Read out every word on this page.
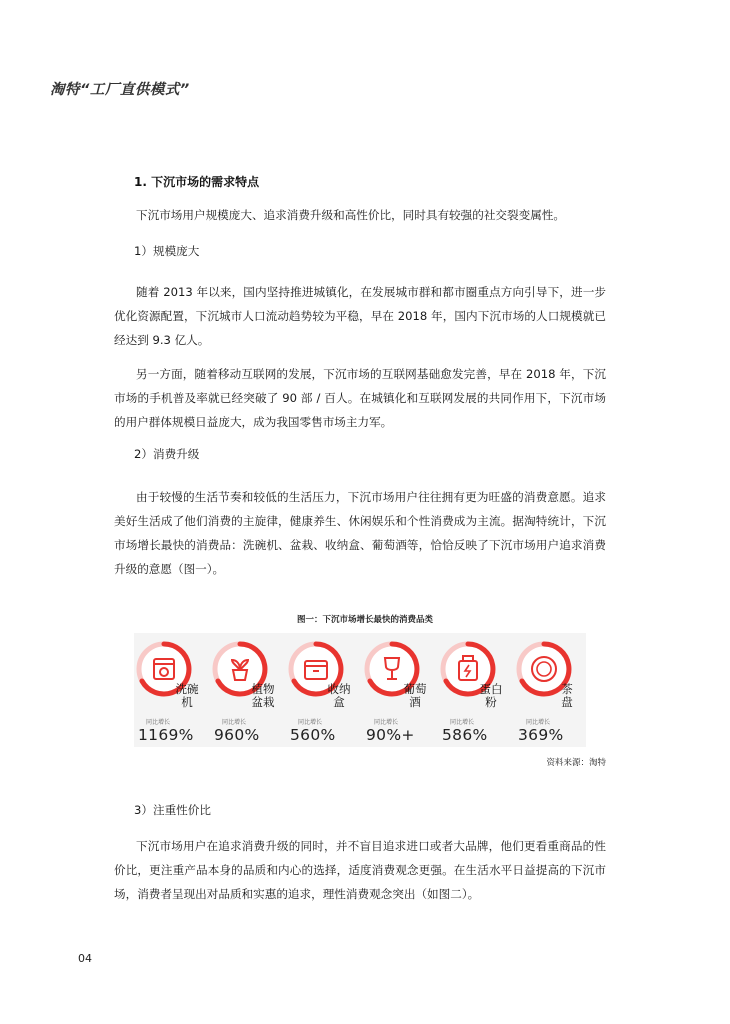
淘特“工厂直供模式”
1. 下沉市场的需求特点

下沉市场用户规模庞大、追求消费升级和高性价比，同时具有较强的社交裂变属性。

1）规模庞大

随着 2013 年以来，国内坚持推进城镇化，在发展城市群和都市圈重点方向引导下，进一步优化资源配置，下沉城市人口流动趋势较为平稳，早在 2018 年，国内下沉市场的人口规模就已经达到 9.3 亿人。

另一方面，随着移动互联网的发展，下沉市场的互联网基础愈发完善，早在 2018 年，下沉市场的手机普及率就已经突破了 90 部 / 百人。在城镇化和互联网发展的共同作用下，下沉市场的用户群体规模日益庞大，成为我国零售市场主力军。

2）消费升级

由于较慢的生活节奏和较低的生活压力，下沉市场用户往往拥有更为旺盛的消费意愿。追求美好生活成了他们消费的主旋律，健康养生、休闲娱乐和个性消费成为主流。据淘特统计，下沉市场增长最快的消费品：洗碗机、盆栽、收纳盒、葡萄酒等，恰恰反映了下沉市场用户追求消费升级的意愿（图一）。

图一：下沉市场增长最快的消费品类
洗碗
机
同比增长
1169%
植物
盆栽
同比增长
960%
收纳
盒
同比增长
560%
葡萄
酒
同比增长
90%+
蛋白
粉
同比增长
586%
茶
盘
同比增长
369%
资料来源：淘特
3）注重性价比

下沉市场用户在追求消费升级的同时，并不盲目追求进口或者大品牌，他们更看重商品的性价比，更注重产品本身的品质和内心的选择，适度消费观念更强。在生活水平日益提高的下沉市场，消费者呈现出对品质和实惠的追求，理性消费观念突出（如图二）。

04
